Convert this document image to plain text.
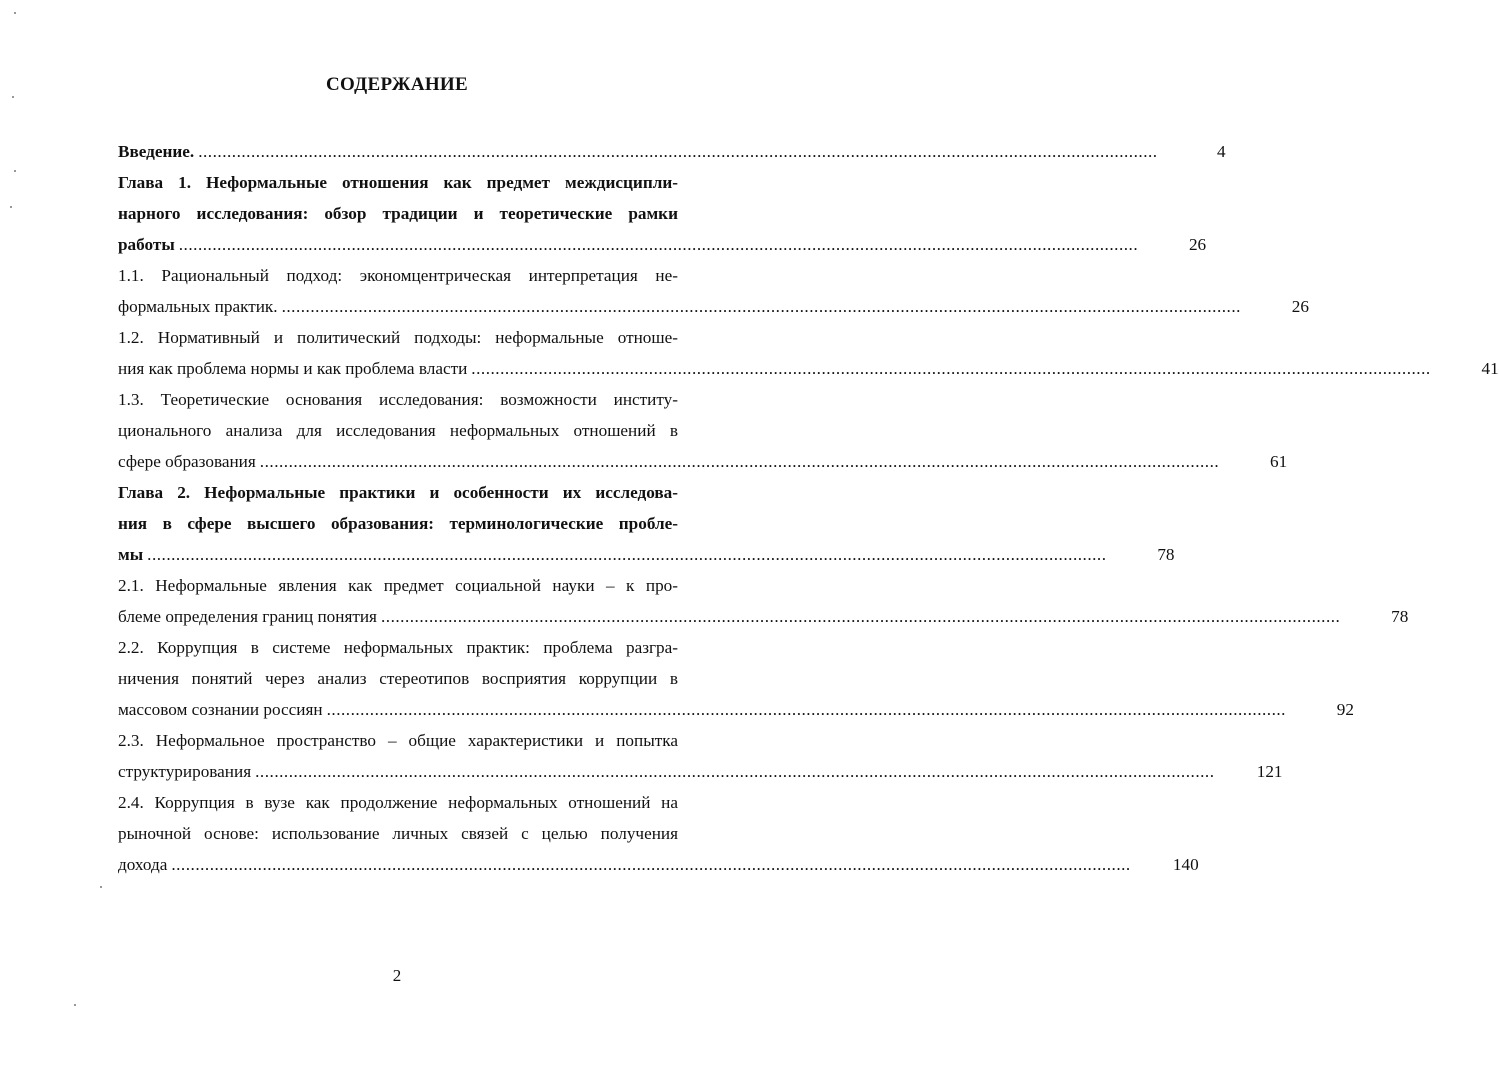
СОДЕРЖАНИЕ
Введение. ........................................................................................................................................................................................................	4
Глава 1. Неформальные отношения как предмет междисципли-
нарного исследования: обзор традиции и теоретические рамки
работы ........................................................................................................................................................................................................	26
1.1. Рациональный подход: экономцентрическая интерпретация не-
формальных практик. ........................................................................................................................................................................................................	26
1.2. Нормативный и политический подходы: неформальные отноше-
ния как проблема нормы и как проблема власти ........................................................................................................................................................................................................	41
1.3. Теоретические основания исследования: возможности институ-
ционального анализа для исследования неформальных отношений в
сфере образования ........................................................................................................................................................................................................	61
Глава 2. Неформальные практики и особенности их исследова-
ния в сфере высшего образования: терминологические пробле-
мы ........................................................................................................................................................................................................	78
2.1. Неформальные явления как предмет социальной науки – к про-
блеме определения границ понятия ........................................................................................................................................................................................................	78
2.2. Коррупция в системе неформальных практик: проблема разгра-
ничения понятий через анализ стереотипов восприятия коррупции в
массовом сознании россиян ........................................................................................................................................................................................................	92
2.3. Неформальное пространство – общие характеристики и попытка
структурирования ........................................................................................................................................................................................................ 121
2.4. Коррупция в вузе как продолжение неформальных отношений на
рыночной основе: использование личных связей с целью получения
дохода ........................................................................................................................................................................................................ 140
2
